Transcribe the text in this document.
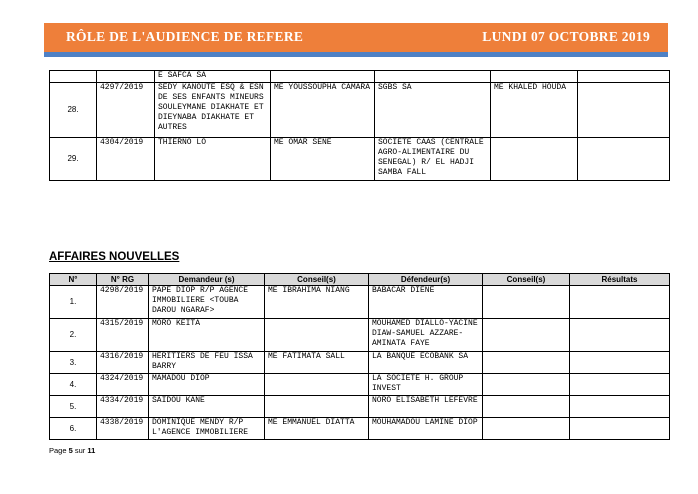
RÔLE DE L'AUDIENCE DE REFERE	LUNDI 07 OCTOBRE 2019
		E SAFCA SA				
28.	4297/2019	SEDY KANOUTE ESQ & ESN DE SES ENFANTS MINEURS SOULEYMANE DIAKHATE ET DIEYNABA DIAKHATE ET AUTRES	ME YOUSSOUPHA CAMARA	SGBS SA	ME KHALED HOUDA	
29.	4304/2019	THIERNO LO	ME OMAR SENE	SOCIETE CAAS (CENTRALE AGRO-ALIMENTAIRE DU SENEGAL) R/ EL HADJI SAMBA FALL		
AFFAIRES NOUVELLES
N°	N° RG	Demandeur (s)	Conseil(s)	Défendeur(s)	Conseil(s)	Résultats
1.	4298/2019	PAPE DIOP R/P AGENCE IMMOBILIERE <TOUBA DAROU NGARAF>	ME IBRAHIMA NIANG	BABACAR DIENE		
2.	4315/2019	MORO KEITA		MOUHAMED DIALLO-YACINE DIAW-SAMUEL AZZARE-AMINATA FAYE		
3.	4316/2019	HERITIERS DE FEU ISSA BARRY	ME FATIMATA SALL	LA BANQUE ECOBANK SA		
4.	4324/2019	MAMADOU DIOP		LA SOCIETE H. GROUP INVEST		
5.	4334/2019	SAIDOU KANE		NORO ELISABETH LEFEVRE		
6.	4338/2019	DOMINIQUE MENDY R/P L'AGENCE IMMOBILIERE	ME EMMANUEL DIATTA	MOUHAMADOU LAMINE DIOP		
Page 5 sur 11
